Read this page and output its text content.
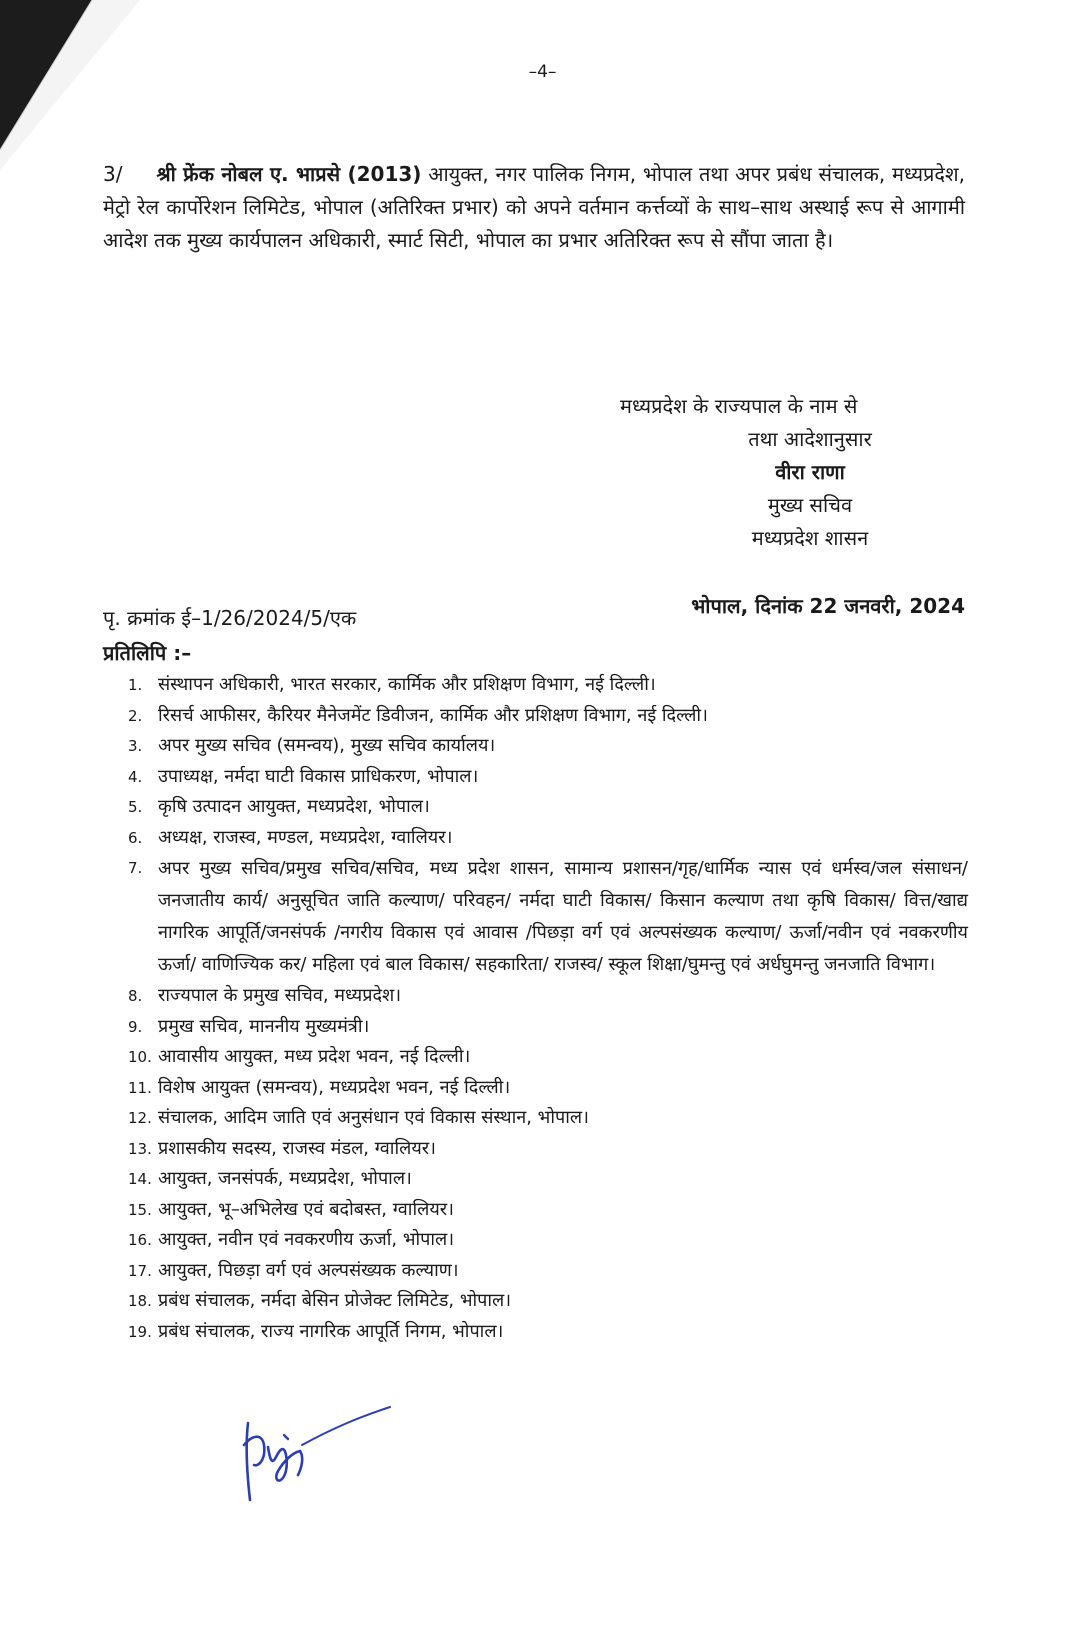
–4–
3/ श्री फ्रेंक नोबल ए. भाप्रसे (2013) आयुक्त, नगर पालिक निगम, भोपाल तथा अपर प्रबंध संचालक, मध्यप्रदेश, मेट्रो रेल कार्पोरेशन लिमिटेड, भोपाल (अतिरिक्त प्रभार) को अपने वर्तमान कर्त्तव्यों के साथ–साथ अस्थाई रूप से आगामी आदेश तक मुख्य कार्यपालन अधिकारी, स्मार्ट सिटी, भोपाल का प्रभार अतिरिक्त रूप से सौंपा जाता है।
मध्यप्रदेश के राज्यपाल के नाम से
तथा आदेशानुसार
वीरा राणा
मुख्य सचिव
मध्यप्रदेश शासन
पृ. क्रमांक ई–1/26/2024/5/एक	भोपाल, दिनांक 22 जनवरी, 2024
प्रतिलिपि :–
1. संस्थापन अधिकारी, भारत सरकार, कार्मिक और प्रशिक्षण विभाग, नई दिल्ली।
2. रिसर्च आफीसर, कैरियर मैनेजमेंट डिवीजन, कार्मिक और प्रशिक्षण विभाग, नई दिल्ली।
3. अपर मुख्य सचिव (समन्वय), मुख्य सचिव कार्यालय।
4. उपाध्यक्ष, नर्मदा घाटी विकास प्राधिकरण, भोपाल।
5. कृषि उत्पादन आयुक्त, मध्यप्रदेश, भोपाल।
6. अध्यक्ष, राजस्व, मण्डल, मध्यप्रदेश, ग्वालियर।
7. अपर मुख्य सचिव/प्रमुख सचिव/सचिव, मध्य प्रदेश शासन, सामान्य प्रशासन/गृह/धार्मिक न्यास एवं धर्मस्व/जल संसाधन/जनजातीय कार्य/ अनुसूचित जाति कल्याण/ परिवहन/ नर्मदा घाटी विकास/ किसान कल्याण तथा कृषि विकास/ वित्त/खाद्य नागरिक आपूर्ति/जनसंपर्क /नगरीय विकास एवं आवास /पिछड़ा वर्ग एवं अल्पसंख्यक कल्याण/ ऊर्जा/नवीन एवं नवकरणीय ऊर्जा/ वाणिज्यिक कर/ महिला एवं बाल विकास/ सहकारिता/ राजस्व/ स्कूल शिक्षा/घुमन्तु एवं अर्धघुमन्तु जनजाति विभाग।
8. राज्यपाल के प्रमुख सचिव, मध्यप्रदेश।
9. प्रमुख सचिव, माननीय मुख्यमंत्री।
10. आवासीय आयुक्त, मध्य प्रदेश भवन, नई दिल्ली।
11. विशेष आयुक्त (समन्वय), मध्यप्रदेश भवन, नई दिल्ली।
12. संचालक, आदिम जाति एवं अनुसंधान एवं विकास संस्थान, भोपाल।
13. प्रशासकीय सदस्य, राजस्व मंडल, ग्वालियर।
14. आयुक्त, जनसंपर्क, मध्यप्रदेश, भोपाल।
15. आयुक्त, भू–अभिलेख एवं बदोबस्त, ग्वालियर।
16. आयुक्त, नवीन एवं नवकरणीय ऊर्जा, भोपाल।
17. आयुक्त, पिछड़ा वर्ग एवं अल्पसंख्यक कल्याण।
18. प्रबंध संचालक, नर्मदा बेसिन प्रोजेक्ट लिमिटेड, भोपाल।
19. प्रबंध संचालक, राज्य नागरिक आपूर्ति निगम, भोपाल।
